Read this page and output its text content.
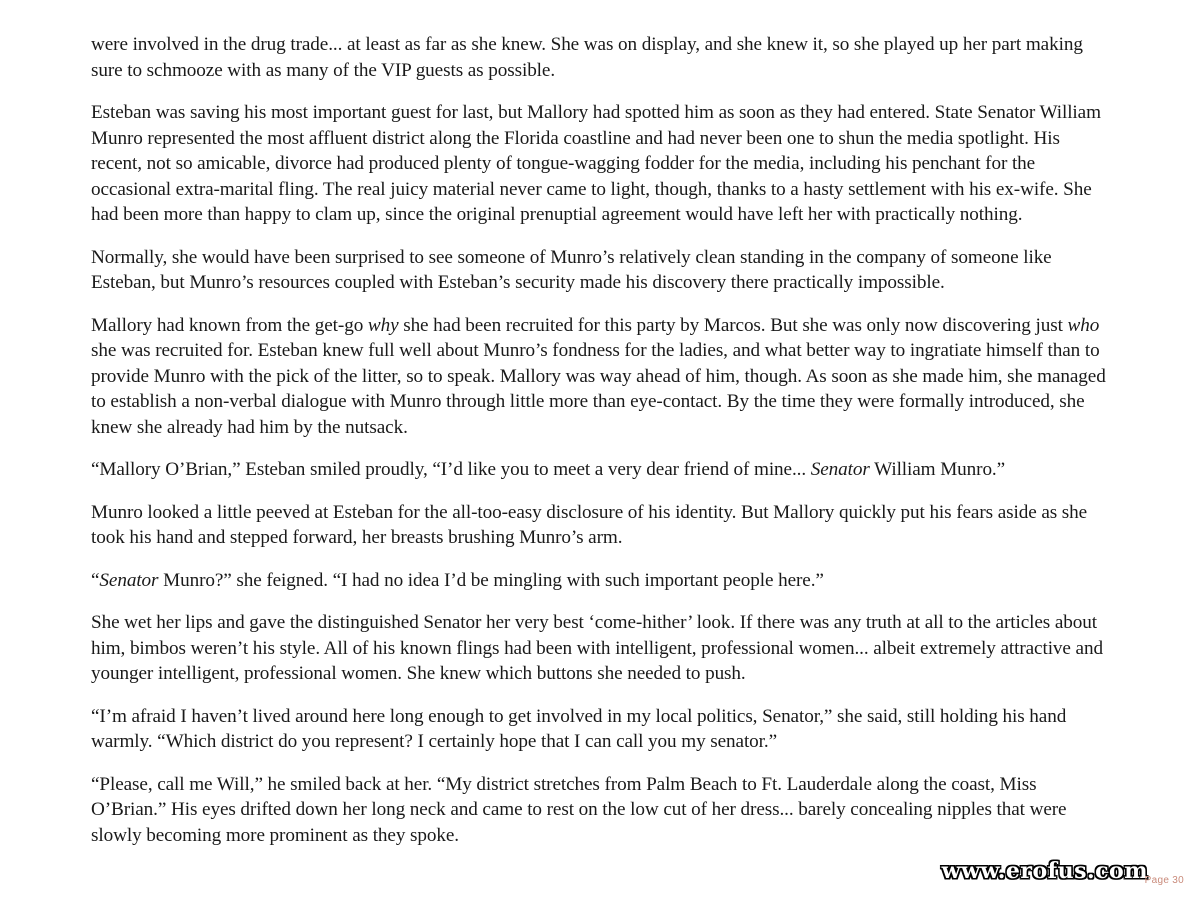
were involved in the drug trade... at least as far as she knew. She was on display, and she knew it, so she played up her part making sure to schmooze with as many of the VIP guests as possible.

Esteban was saving his most important guest for last, but Mallory had spotted him as soon as they had entered. State Senator William Munro represented the most affluent district along the Florida coastline and had never been one to shun the media spotlight. His recent, not so amicable, divorce had produced plenty of tongue-wagging fodder for the media, including his penchant for the occasional extra-marital fling. The real juicy material never came to light, though, thanks to a hasty settlement with his ex-wife. She had been more than happy to clam up, since the original prenuptial agreement would have left her with practically nothing.

Normally, she would have been surprised to see someone of Munro’s relatively clean standing in the company of someone like Esteban, but Munro’s resources coupled with Esteban’s security made his discovery there practically impossible.

Mallory had known from the get-go why she had been recruited for this party by Marcos. But she was only now discovering just who she was recruited for. Esteban knew full well about Munro’s fondness for the ladies, and what better way to ingratiate himself than to provide Munro with the pick of the litter, so to speak. Mallory was way ahead of him, though. As soon as she made him, she managed to establish a non-verbal dialogue with Munro through little more than eye-contact. By the time they were formally introduced, she knew she already had him by the nutsack.

“Mallory O’Brian,” Esteban smiled proudly, “I’d like you to meet a very dear friend of mine... Senator William Munro.”

Munro looked a little peeved at Esteban for the all-too-easy disclosure of his identity. But Mallory quickly put his fears aside as she took his hand and stepped forward, her breasts brushing Munro’s arm.

“Senator Munro?” she feigned. “I had no idea I’d be mingling with such important people here.”

She wet her lips and gave the distinguished Senator her very best ‘come-hither’ look. If there was any truth at all to the articles about him, bimbos weren’t his style. All of his known flings had been with intelligent, professional women... albeit extremely attractive and younger intelligent, professional women. She knew which buttons she needed to push.

“I’m afraid I haven’t lived around here long enough to get involved in my local politics, Senator,” she said, still holding his hand warmly. “Which district do you represent? I certainly hope that I can call you my senator.”

“Please, call me Will,” he smiled back at her. “My district stretches from Palm Beach to Ft. Lauderdale along the coast, Miss O’Brian.” His eyes drifted down her long neck and came to rest on the low cut of her dress... barely concealing nipples that were slowly becoming more prominent as they spoke.

www.erofus.com
Page 30
